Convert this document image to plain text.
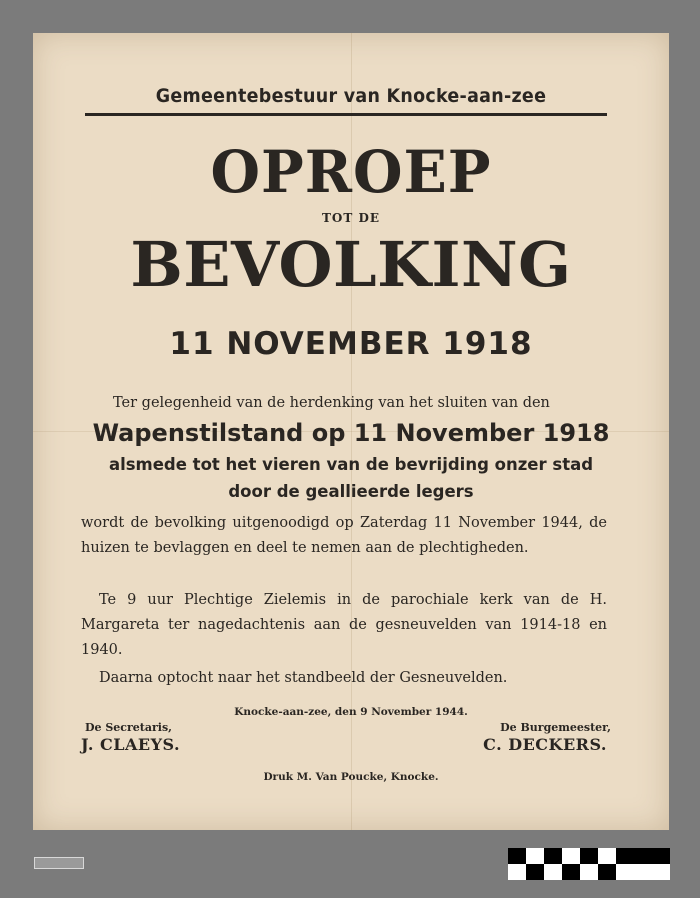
Gemeentebestuur van Knocke-aan-zee
OPROEP
TOT DE
BEVOLKING
11 NOVEMBER 1918
Ter gelegenheid van de herdenking van het sluiten van den
Wapenstilstand op 11 November 1918
alsmede tot het vieren van de bevrijding onzer stad
door de geallieerde legers
wordt de bevolking uitgenoodigd op Zaterdag 11 November 1944, de huizen te bevlaggen en deel te nemen aan de plechtigheden.
Te 9 uur Plechtige Zielemis in de parochiale kerk van de H. Margareta ter nagedachtenis aan de gesneuvelden van 1914-18 en 1940.
Daarna optocht naar het standbeeld der Gesneuvelden.
Knocke-aan-zee, den 9 November 1944.
De Secretaris,
J. CLAEYS.
De Burgemeester,
C. DECKERS.
Druk M. Van Poucke, Knocke.
